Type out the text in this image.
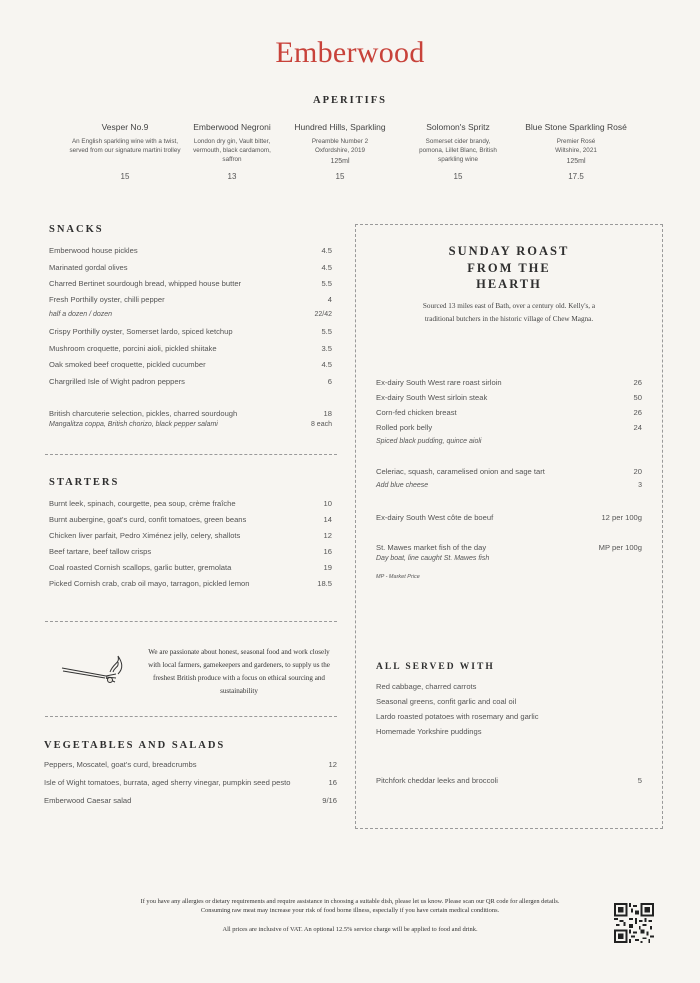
Emberwood
APERITIFS
Vesper No.9
An English sparkling wine with a twist, served from our signature martini trolley
15
Emberwood Negroni
London dry gin, Vault bitter, vermouth, black cardamom, saffron
13
Hundred Hills, Sparkling
Preamble Number 2 Oxfordshire, 2019
125ml
15
Solomon's Spritz
Somerset cider brandy, pomona, Lillet Blanc, British sparkling wine
15
Blue Stone Sparkling Rosé
Premier Rosé Wiltshire, 2021
125ml
17.5
SNACKS
Emberwood house pickles	4.5
Marinated gordal olives	4.5
Charred Bertinet sourdough bread, whipped house butter	5.5
Fresh Porthilly oyster, chilli pepper	4
half a dozen / dozen	22/42
Crispy Porthilly oyster, Somerset lardo, spiced ketchup	5.5
Mushroom croquette, porcini aioli, pickled shiitake	3.5
Oak smoked beef croquette, pickled cucumber	4.5
Chargrilled Isle of Wight padron peppers	6
British charcuterie selection, pickles, charred sourdough	18
Mangalitza coppa, British chorizo, black pepper salami	8 each
STARTERS
Burnt leek, spinach, courgette, pea soup, crème fraîche	10
Burnt aubergine, goat's curd, confit tomatoes, green beans	14
Chicken liver parfait, Pedro Ximénez jelly, celery, shallots	12
Beef tartare, beef tallow crisps	16
Coal roasted Cornish scallops, garlic butter, gremolata	19
Picked Cornish crab, crab oil mayo, tarragon, pickled lemon	18.5
We are passionate about honest, seasonal food and work closely with local farmers, gamekeepers and gardeners, to supply us the freshest British produce with a focus on ethical sourcing and sustainability
VEGETABLES AND SALADS
Peppers, Moscatel, goat's curd, breadcrumbs	12
Isle of Wight tomatoes, burrata, aged sherry vinegar, pumpkin seed pesto	16
Emberwood Caesar salad	9/16
SUNDAY ROAST
FROM THE
HEARTH
Sourced 13 miles east of Bath, over a century old. Kelly's, a traditional butchers in the historic village of Chew Magna.
Ex-dairy South West rare roast sirloin	26
Ex-dairy South West sirloin steak	50
Corn-fed chicken breast	26
Rolled pork belly	24
Spiced black pudding, quince aioli
Celeriac, squash, caramelised onion and sage tart	20
Add blue cheese	3
Ex-dairy South West côte de boeuf	12 per 100g
St. Mawes market fish of the day	MP per 100g
Day boat, line caught St. Mawes fish
MP - Market Price
ALL SERVED WITH
Red cabbage, charred carrots
Seasonal greens, confit garlic and coal oil
Lardo roasted potatoes with rosemary and garlic
Homemade Yorkshire puddings
Pitchfork cheddar leeks and broccoli	5
If you have any allergies or dietary requirements and require assistance in choosing a suitable dish, please let us know. Please scan our QR code for allergen details.
Consuming raw meat may increase your risk of food borne illness, especially if you have certain medical conditions.
All prices are inclusive of VAT. An optional 12.5% service charge will be applied to food and drink.
